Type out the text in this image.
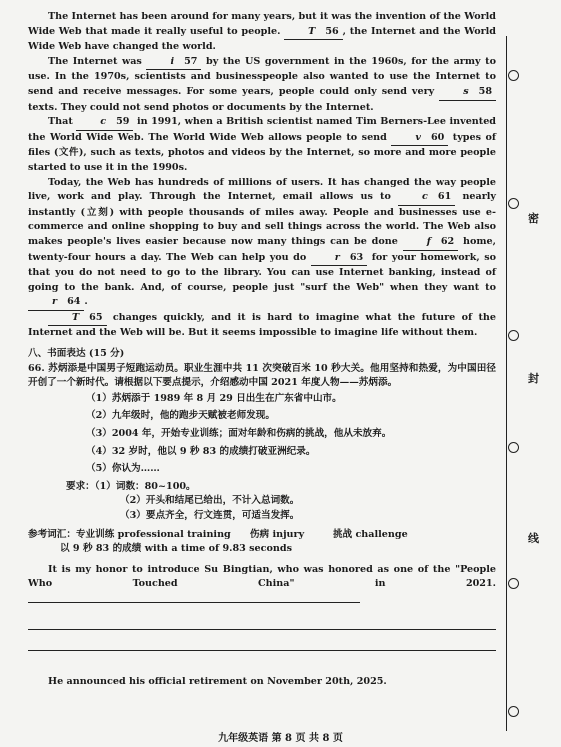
The Internet has been around for many years, but it was the invention of the World Wide Web that made it really useful to people.	T 56 , the Internet and the World Wide Web have changed the world.

The Internet was	i 57 by the US government in the 1960s, for the army to use. In the 1970s, scientists and businesspeople also wanted to use the Internet to send and receive messages. For some years, people could only send very	s 58 texts. They could not send photos or documents by the Internet.

That	c 59 in 1991, when a British scientist named Tim Berners-Lee invented the World Wide Web. The World Wide Web allows people to send	v 60 types of files (文件), such as texts, photos and videos by the Internet, so more and more people started to use it in the 1990s.

Today, the Web has hundreds of millions of users. It has changed the way people live, work and play. Through the Internet, email allows us to	c 61 nearly instantly (立刻) with people thousands of miles away. People and businesses use e-commerce and online shopping to buy and sell things across the world. The Web also makes people's lives easier because now many things can be done	f 62 home, twenty-four hours a day. The Web can help you do	r 63 for your homework, so that you do not need to go to the library. You can use Internet banking, instead of going to the bank. And, of course, people just "surf the Web" when they want to r 64 .

T 65 changes quickly, and it is hard to imagine what the future of the Internet and the Web will be. But it seems impossible to imagine life without them.

八、书面表达 (15 分)

66. 苏炳添是中国男子短跑运动员。职业生涯中共 11 次突破百米 10 秒大关。他用坚持和热爱，为中国田径开创了一个新时代。请根据以下要点提示，介绍感动中国 2021 年度人物——苏炳添。

（1）苏炳添于 1989 年 8 月 29 日出生在广东省中山市。
（2）九年级时，他的跑步天赋被老师发现。
（3）2004 年，开始专业训练；面对年龄和伤病的挑战，他从未放弃。
（4）32 岁时，他以 9 秒 83 的成绩打破亚洲纪录。
（5）你认为……
要求：（1）词数：80~100。
（2）开头和结尾已给出，不计入总词数。
（3）要点齐全，行文连贯，可适当发挥。
参考词汇：专业训练 professional training　　伤病 injury　　　挑战 challenge
以 9 秒 83 的成绩 with a time of 9.83 seconds

It is my honor to introduce Su Bingtian, who was honored as one of the "People Who Touched China" in 2021.

He announced his official retirement on November 20th, 2025.

密
封
线
九年级英语 第 8 页 共 8 页
